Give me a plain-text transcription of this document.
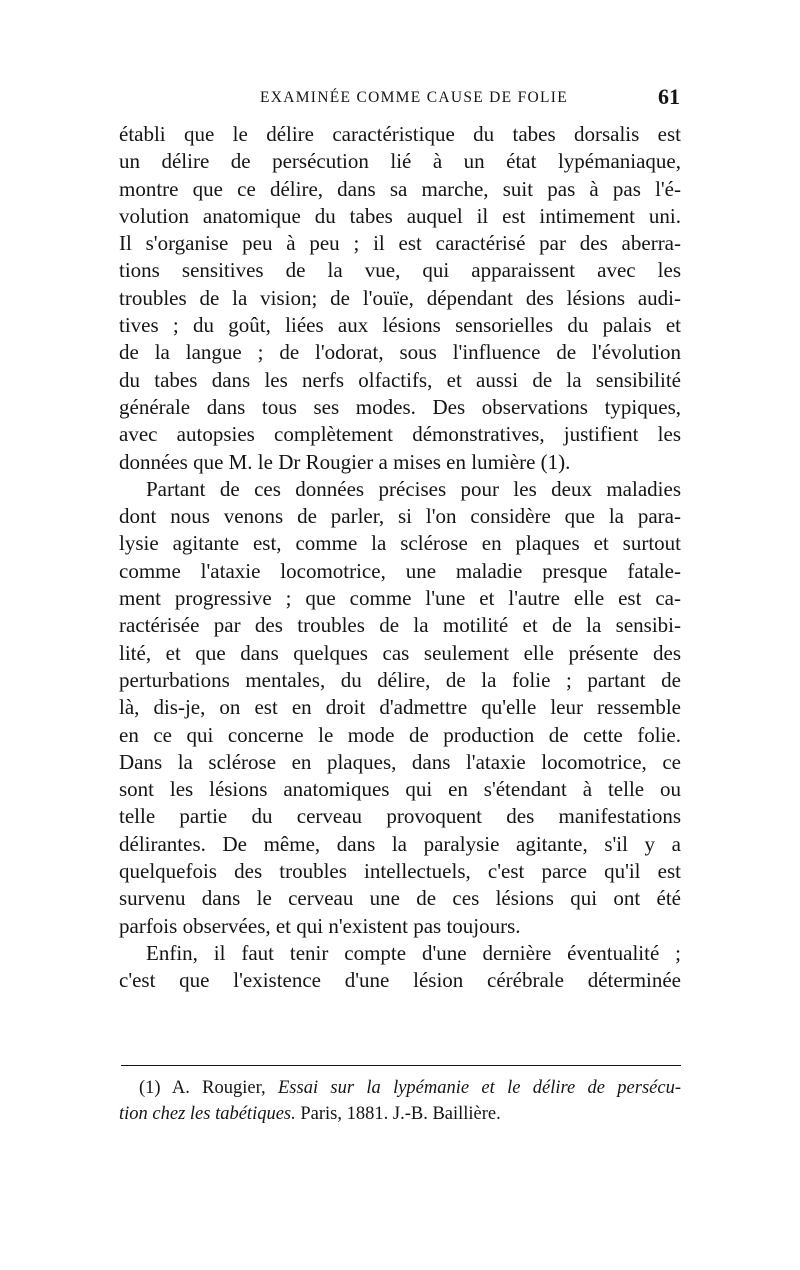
EXAMINÉE COMME CAUSE DE FOLIE	61
établi que le délire caractéristique du tabes dorsalis est
un délire de persécution lié à un état lypémaniaque,
montre que ce délire, dans sa marche, suit pas à pas l'é-
volution anatomique du tabes auquel il est intimement uni.
Il s'organise peu à peu ; il est caractérisé par des aberra-
tions sensitives de la vue, qui apparaissent avec les
troubles de la vision; de l'ouïe, dépendant des lésions audi-
tives ; du goût, liées aux lésions sensorielles du palais et
de la langue ; de l'odorat, sous l'influence de l'évolution
du tabes dans les nerfs olfactifs, et aussi de la sensibilité
générale dans tous ses modes. Des observations typiques,
avec autopsies complètement démonstratives, justifient les
données que M. le Dr Rougier a mises en lumière (1).
Partant de ces données précises pour les deux maladies
dont nous venons de parler, si l'on considère que la para-
lysie agitante est, comme la sclérose en plaques et surtout
comme l'ataxie locomotrice, une maladie presque fatale-
ment progressive ; que comme l'une et l'autre elle est ca-
ractérisée par des troubles de la motilité et de la sensibi-
lité, et que dans quelques cas seulement elle présente des
perturbations mentales, du délire, de la folie ; partant de
là, dis-je, on est en droit d'admettre qu'elle leur ressemble
en ce qui concerne le mode de production de cette folie.
Dans la sclérose en plaques, dans l'ataxie locomotrice, ce
sont les lésions anatomiques qui en s'étendant à telle ou
telle partie du cerveau provoquent des manifestations
délirantes. De même, dans la paralysie agitante, s'il y a
quelquefois des troubles intellectuels, c'est parce qu'il est
survenu dans le cerveau une de ces lésions qui ont été
parfois observées, et qui n'existent pas toujours.
Enfin, il faut tenir compte d'une dernière éventualité ;
c'est que l'existence d'une lésion cérébrale déterminée
(1) A. Rougier, Essai sur la lypémanie et le délire de persécu-
tion chez les tabétiques. Paris, 1881. J.-B. Baillière.
